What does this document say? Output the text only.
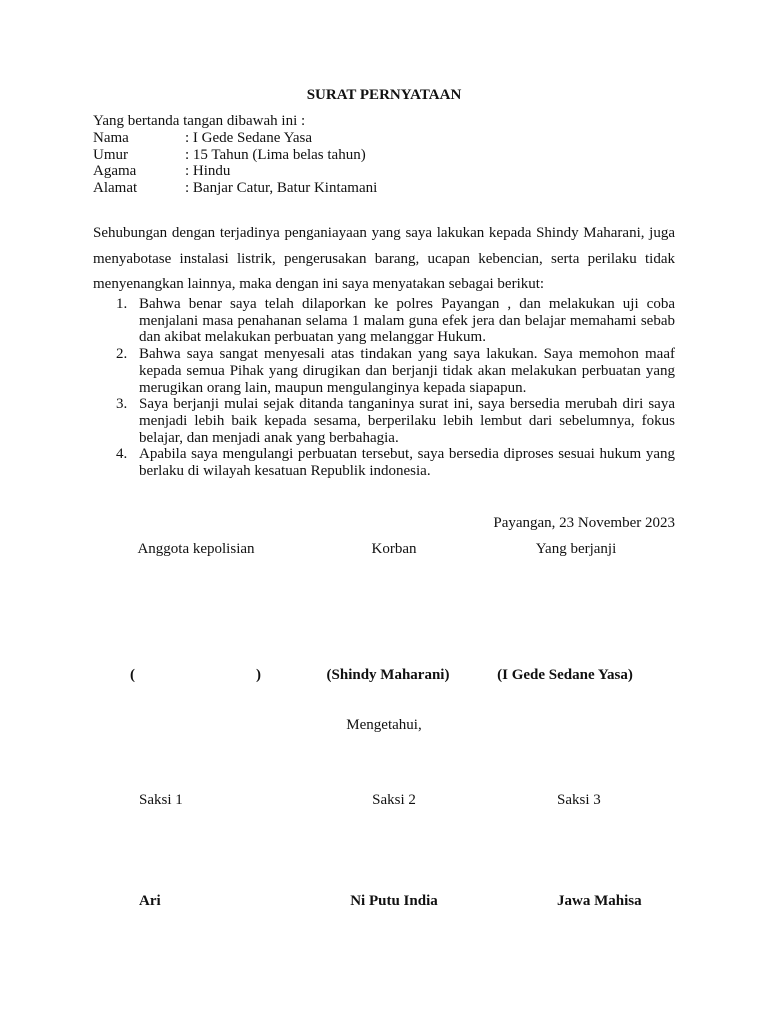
SURAT PERNYATAAN
Yang bertanda tangan dibawah ini :
Nama	: I Gede Sedane Yasa
Umur	: 15 Tahun (Lima belas tahun)
Agama	: Hindu
Alamat	: Banjar Catur, Batur Kintamani
Sehubungan dengan terjadinya penganiayaan yang saya lakukan kepada Shindy Maharani, juga menyabotase instalasi listrik, pengerusakan barang, ucapan kebencian, serta perilaku tidak menyenangkan lainnya, maka dengan ini saya menyatakan sebagai berikut:
1. Bahwa benar saya telah dilaporkan ke polres Payangan , dan melakukan uji coba menjalani masa penahanan selama 1 malam guna efek jera dan belajar memahami sebab dan akibat melakukan perbuatan yang melanggar Hukum.
2. Bahwa saya sangat menyesali atas tindakan yang saya lakukan. Saya memohon maaf kepada semua Pihak yang dirugikan dan berjanji tidak akan melakukan perbuatan yang merugikan orang lain, maupun mengulanginya kepada siapapun.
3. Saya berjanji mulai sejak ditanda tanganinya surat ini, saya bersedia merubah diri saya menjadi lebih baik kepada sesama, berperilaku lebih lembut dari sebelumnya, fokus belajar, dan menjadi anak yang berbahagia.
4. Apabila saya mengulangi perbuatan tersebut, saya bersedia diproses sesuai hukum yang berlaku di wilayah kesatuan Republik indonesia.
Payangan, 23 November 2023
Anggota kepolisian	Korban	Yang berjanji
(	)	(Shindy Maharani)	(I Gede Sedane Yasa)
Mengetahui,
Saksi 1	Saksi 2	Saksi 3
Ari	Ni Putu India	Jawa Mahisa
